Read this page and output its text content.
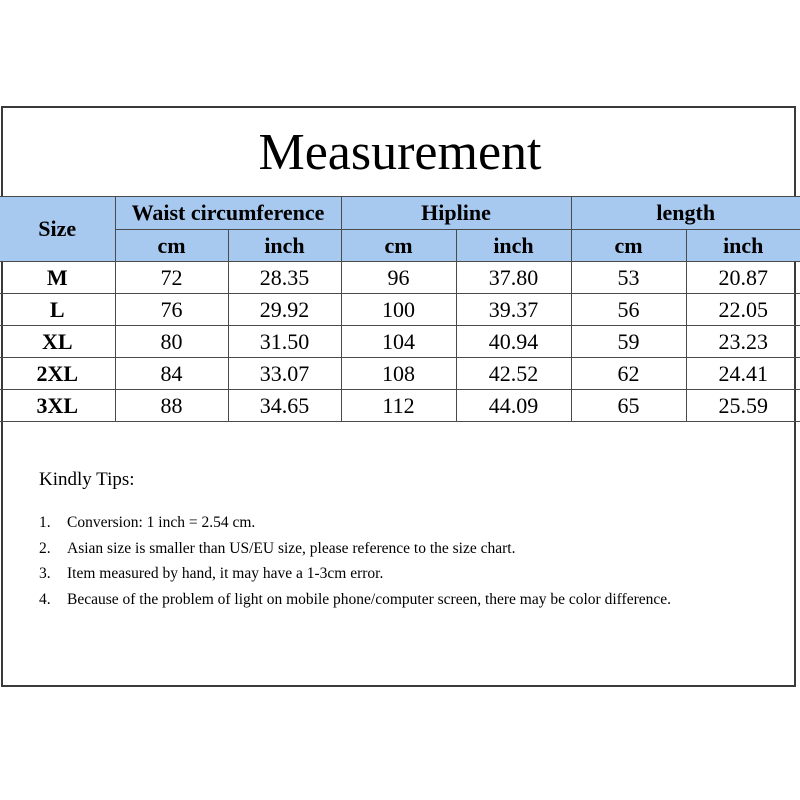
Measurement
Size	Waist circumference		Hipline		length	
	cm	inch	cm	inch	cm	inch
M	72	28.35	96	37.80	53	20.87
L	76	29.92	100	39.37	56	22.05
XL	80	31.50	104	40.94	59	23.23
2XL	84	33.07	108	42.52	62	24.41
3XL	88	34.65	112	44.09	65	25.59
Kindly Tips:
1. Conversion: 1 inch = 2.54 cm.
2. Asian size is smaller than US/EU size, please reference to the size chart.
3. Item measured by hand, it may have a 1-3cm error.
4. Because of the problem of light on mobile phone/computer screen, there may be color difference.
